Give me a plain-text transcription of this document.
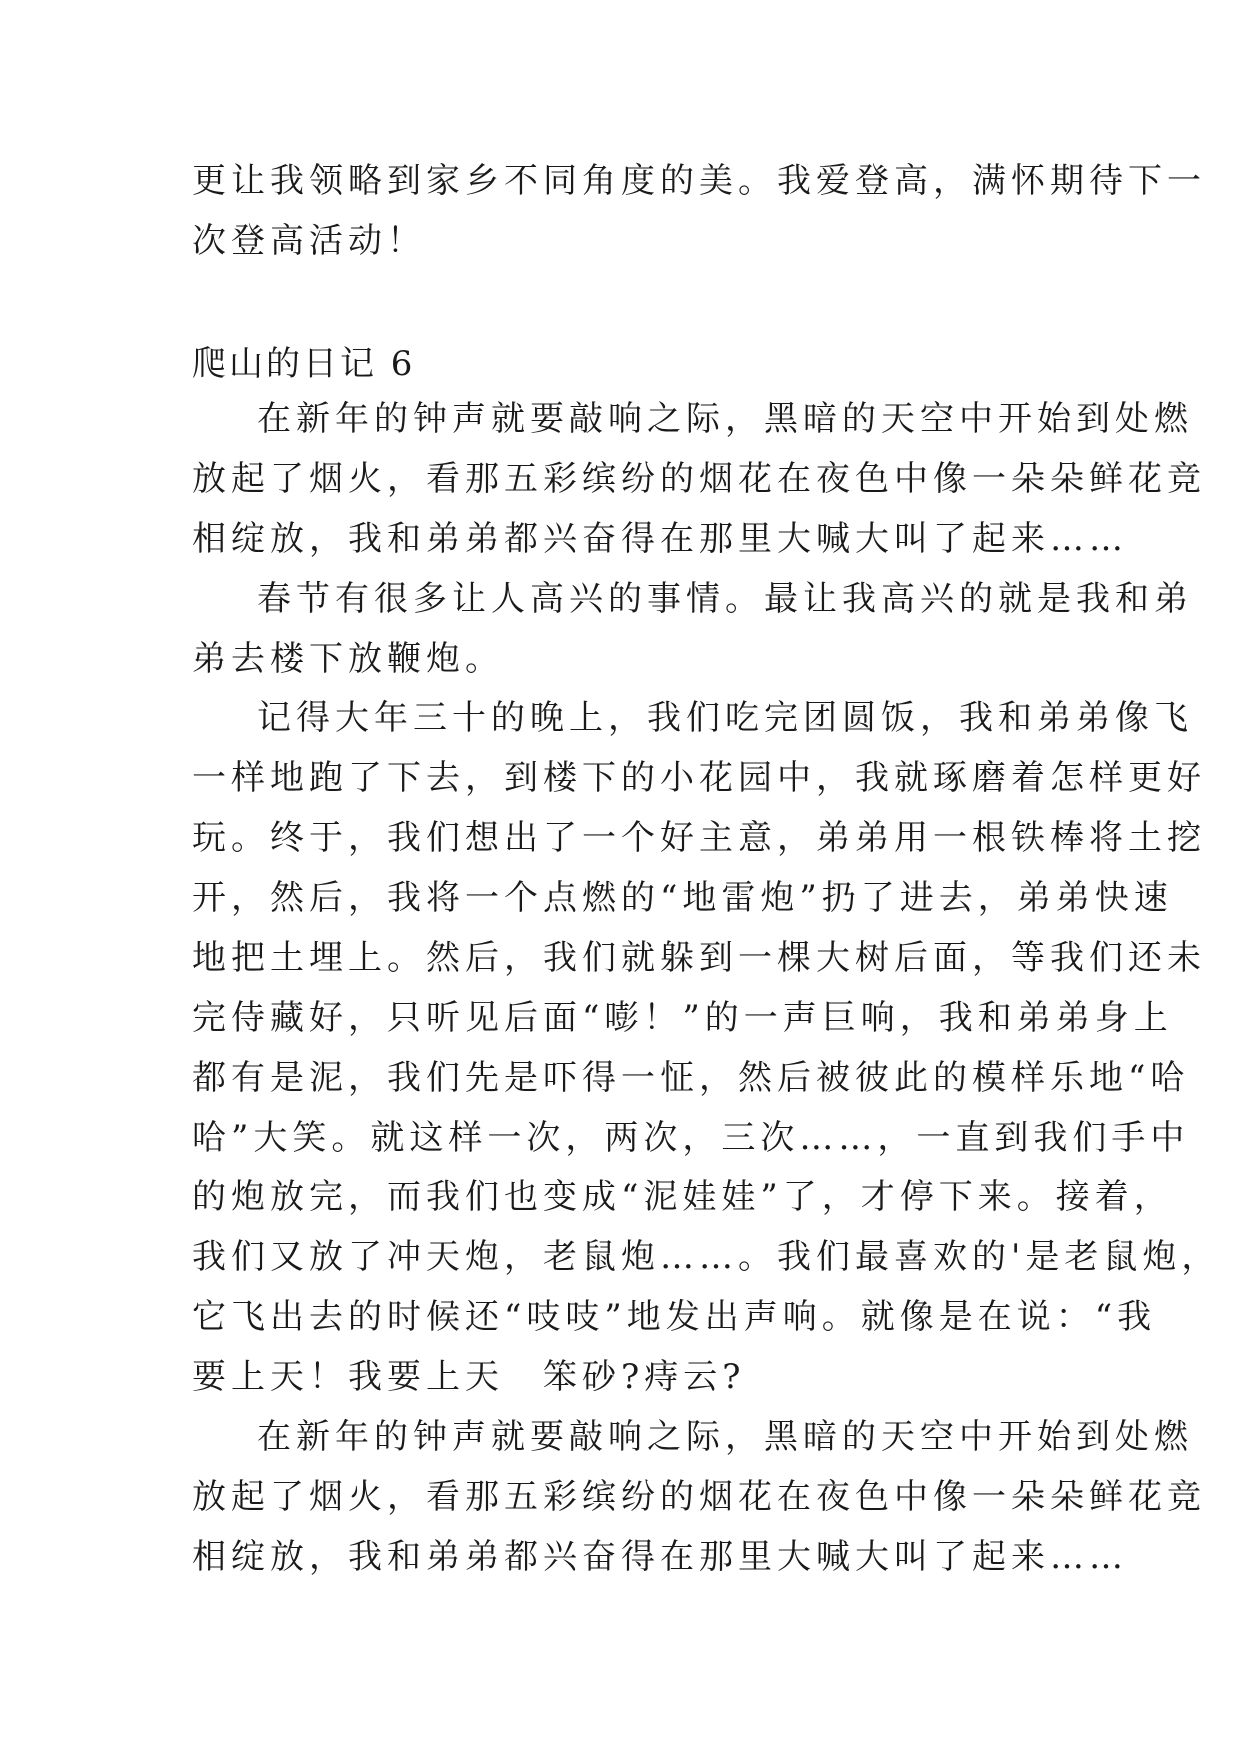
更让我领略到家乡不同角度的美。我爱登高，满怀期待下一
次登高活动！
爬山的日记 6
在新年的钟声就要敲响之际，黑暗的天空中开始到处燃
放起了烟火，看那五彩缤纷的烟花在夜色中像一朵朵鲜花竞
相绽放，我和弟弟都兴奋得在那里大喊大叫了起来……
春节有很多让人高兴的事情。最让我高兴的就是我和弟
弟去楼下放鞭炮。
记得大年三十的晚上，我们吃完团圆饭，我和弟弟像飞
一样地跑了下去，到楼下的小花园中，我就琢磨着怎样更好
玩。终于，我们想出了一个好主意，弟弟用一根铁棒将土挖
开，然后，我将一个点燃的“地雷炮”扔了进去，弟弟快速
地把土埋上。然后，我们就躲到一棵大树后面，等我们还未
完侍藏好，只听见后面“嘭！”的一声巨响，我和弟弟身上
都有是泥，我们先是吓得一怔，然后被彼此的模样乐地“哈
哈”大笑。就这样一次，两次，三次……，一直到我们手中
的炮放完，而我们也变成“泥娃娃”了，才停下来。接着，
我们又放了冲天炮，老鼠炮……。我们最喜欢的'是老鼠炮，
它飞出去的时候还“吱吱”地发出声响。就像是在说：“我
要上天！我要上天　笨砂?痔云?
在新年的钟声就要敲响之际，黑暗的天空中开始到处燃
放起了烟火，看那五彩缤纷的烟花在夜色中像一朵朵鲜花竞
相绽放，我和弟弟都兴奋得在那里大喊大叫了起来……
